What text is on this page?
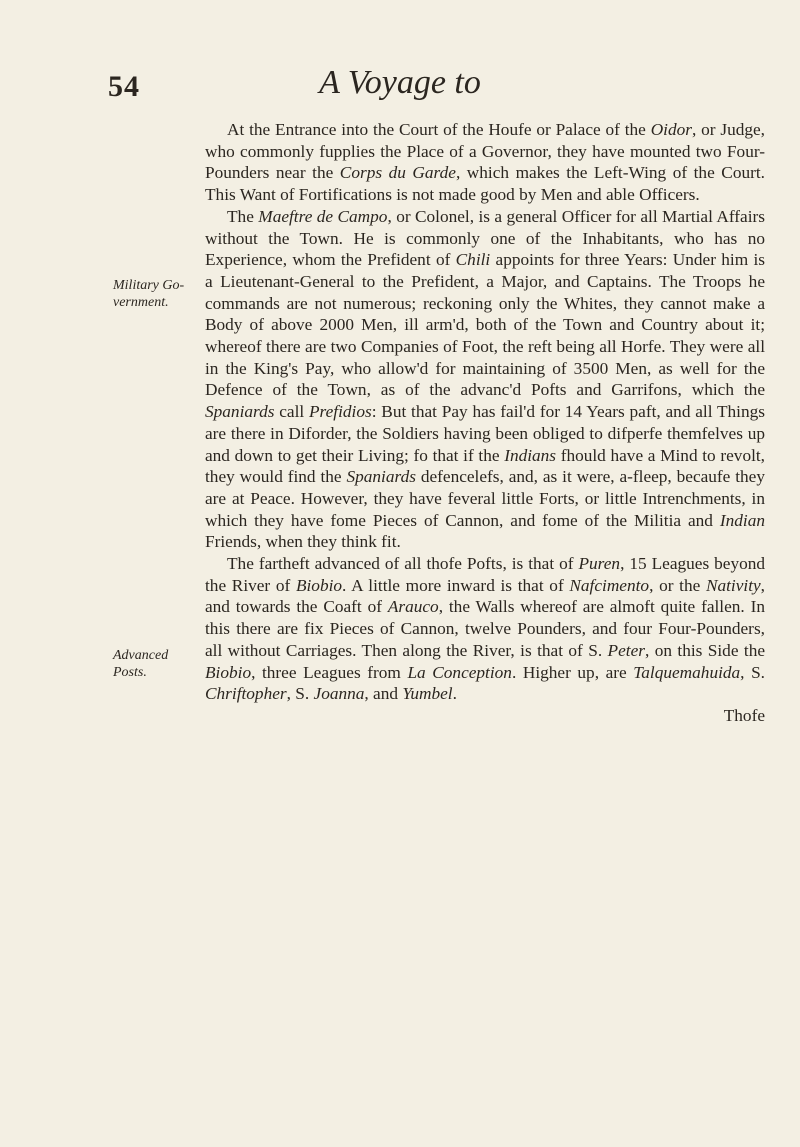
54	A Voyage to
Military Go-vernment.
Advanced Posts.

At the Entrance into the Court of the Houfe or Palace of the Oidor, or Judge, who commonly fupplies the Place of a Governor, they have mounted two Four-Pounders near the Corps du Garde, which makes the Left-Wing of the Court. This Want of Fortifications is not made good by Men and able Officers.

The Maeftre de Campo, or Colonel, is a general Officer for all Martial Affairs without the Town. He is commonly one of the Inhabitants, who has no Experience, whom the Prefident of Chili appoints for three Years: Under him is a Lieutenant-General to the Prefident, a Major, and Captains. The Troops he commands are not numerous; reckoning only the Whites, they cannot make a Body of above 2000 Men, ill arm'd, both of the Town and Country about it; whereof there are two Companies of Foot, the reft being all Horfe. They were all in the King's Pay, who allow'd for maintaining of 3500 Men, as well for the Defence of the Town, as of the advanc'd Pofts and Garrifons, which the Spaniards call Prefidios: But that Pay has fail'd for 14 Years paft, and all Things are there in Diforder, the Soldiers having been obliged to difperfe themfelves up and down to get their Living; fo that if the Indians fhould have a Mind to revolt, they would find the Spaniards defencelefs, and, as it were, a-fleep, becaufe they are at Peace. However, they have feveral little Forts, or little Intrenchments, in which they have fome Pieces of Cannon, and fome of the Militia and Indian Friends, when they think fit.

The fartheft advanced of all thofe Pofts, is that of Puren, 15 Leagues beyond the River of Biobio. A little more inward is that of Nafcimento, or the Nativity, and towards the Coaft of Arauco, the Walls whereof are almoft quite fallen. In this there are fix Pieces of Cannon, twelve Pounders, and four Four-Pounders, all without Carriages. Then along the River, is that of S. Peter, on this Side the Biobio, three Leagues from La Conception. Higher up, are Talquemahuida, S. Chriftopher, S. Joanna, and Yumbel.

Thofe
